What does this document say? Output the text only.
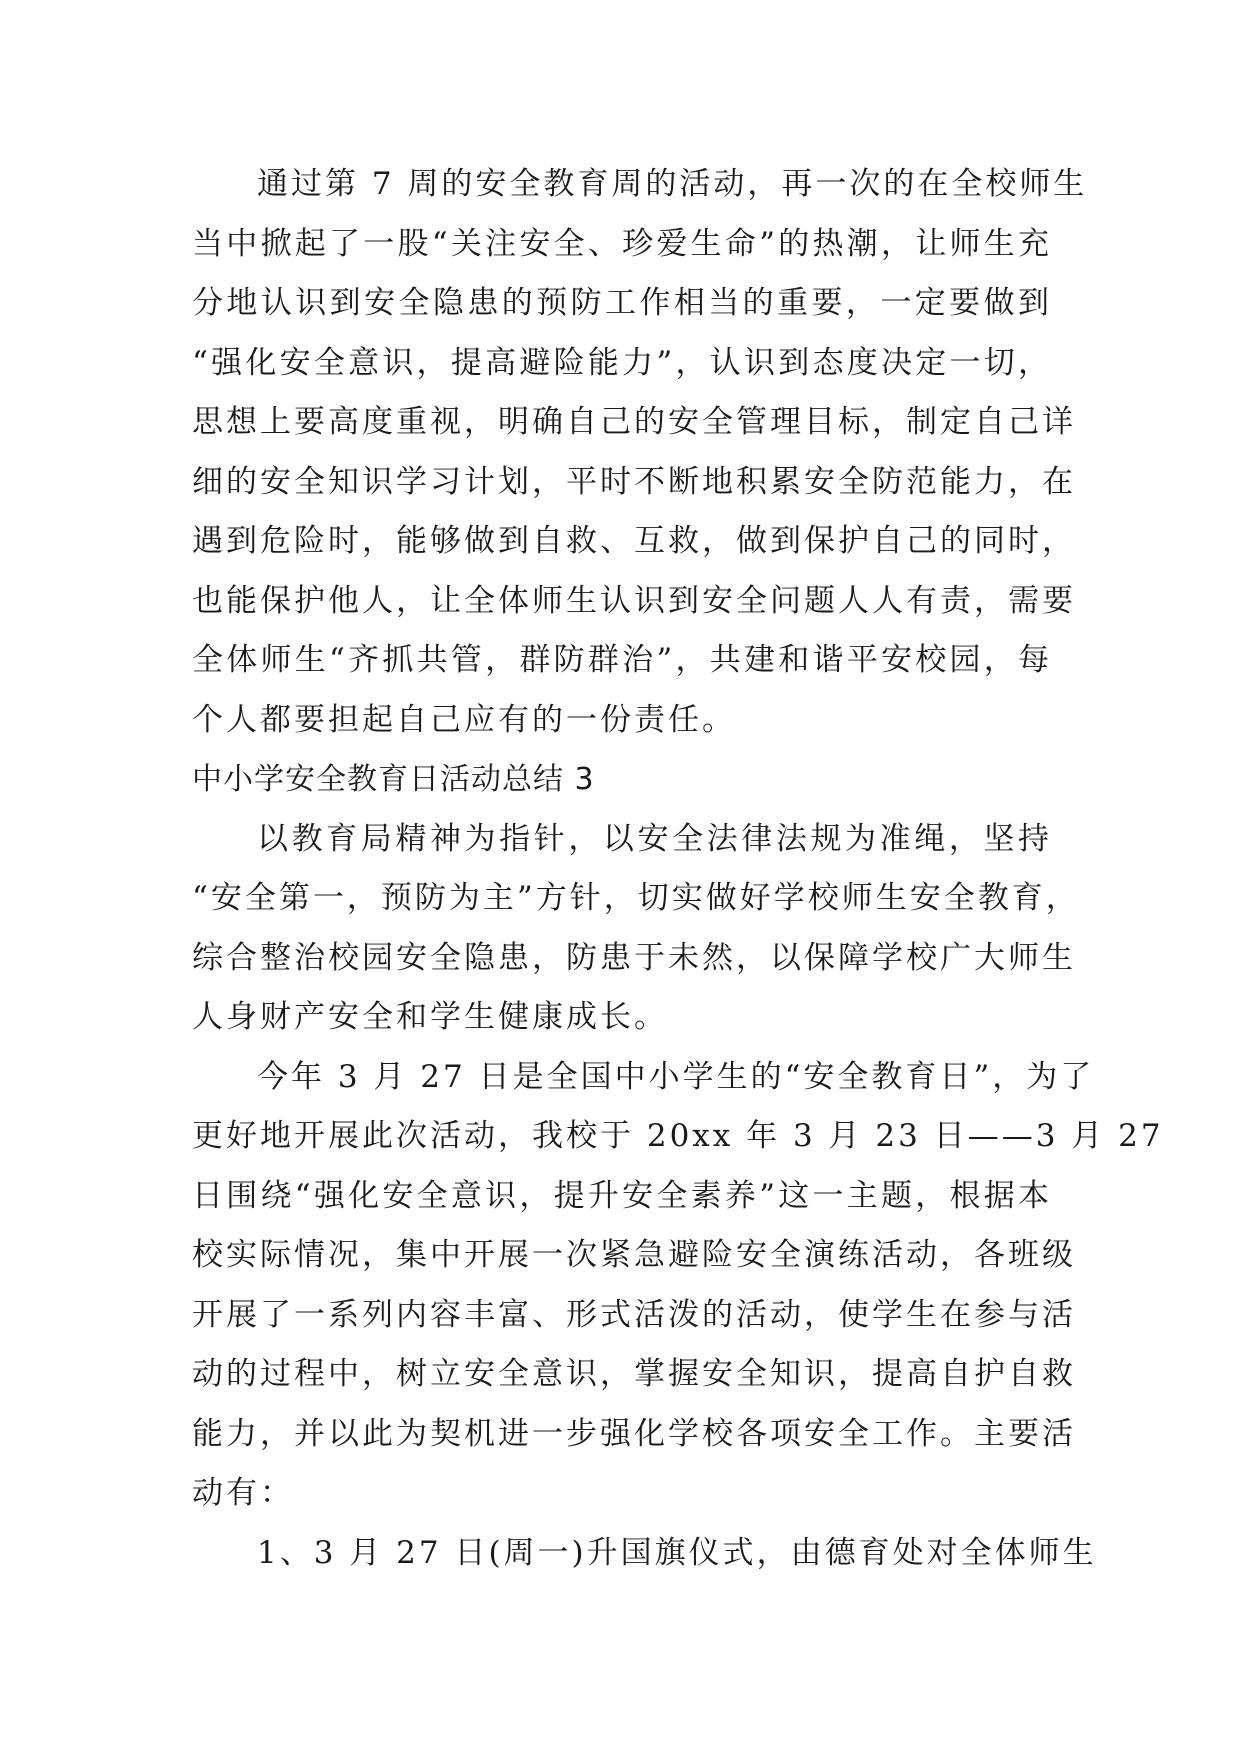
通过第 7 周的安全教育周的活动，再一次的在全校师生
当中掀起了一股“关注安全、珍爱生命”的热潮，让师生充
分地认识到安全隐患的预防工作相当的重要，一定要做到
“强化安全意识，提高避险能力”，认识到态度决定一切，
思想上要高度重视，明确自己的安全管理目标，制定自己详
细的安全知识学习计划，平时不断地积累安全防范能力，在
遇到危险时，能够做到自救、互救，做到保护自己的同时，
也能保护他人，让全体师生认识到安全问题人人有责，需要
全体师生“齐抓共管，群防群治”，共建和谐平安校园，每
个人都要担起自己应有的一份责任。
中小学安全教育日活动总结 3
以教育局精神为指针，以安全法律法规为准绳，坚持
“安全第一，预防为主”方针，切实做好学校师生安全教育，
综合整治校园安全隐患，防患于未然，以保障学校广大师生
人身财产安全和学生健康成长。
今年 3 月 27 日是全国中小学生的“安全教育日”，为了
更好地开展此次活动，我校于 20xx 年 3 月 23 日——3 月 27
日围绕“强化安全意识，提升安全素养”这一主题，根据本
校实际情况，集中开展一次紧急避险安全演练活动，各班级
开展了一系列内容丰富、形式活泼的活动，使学生在参与活
动的过程中，树立安全意识，掌握安全知识，提高自护自救
能力，并以此为契机进一步强化学校各项安全工作。主要活
动有：
1、3 月 27 日(周一)升国旗仪式，由德育处对全体师生
